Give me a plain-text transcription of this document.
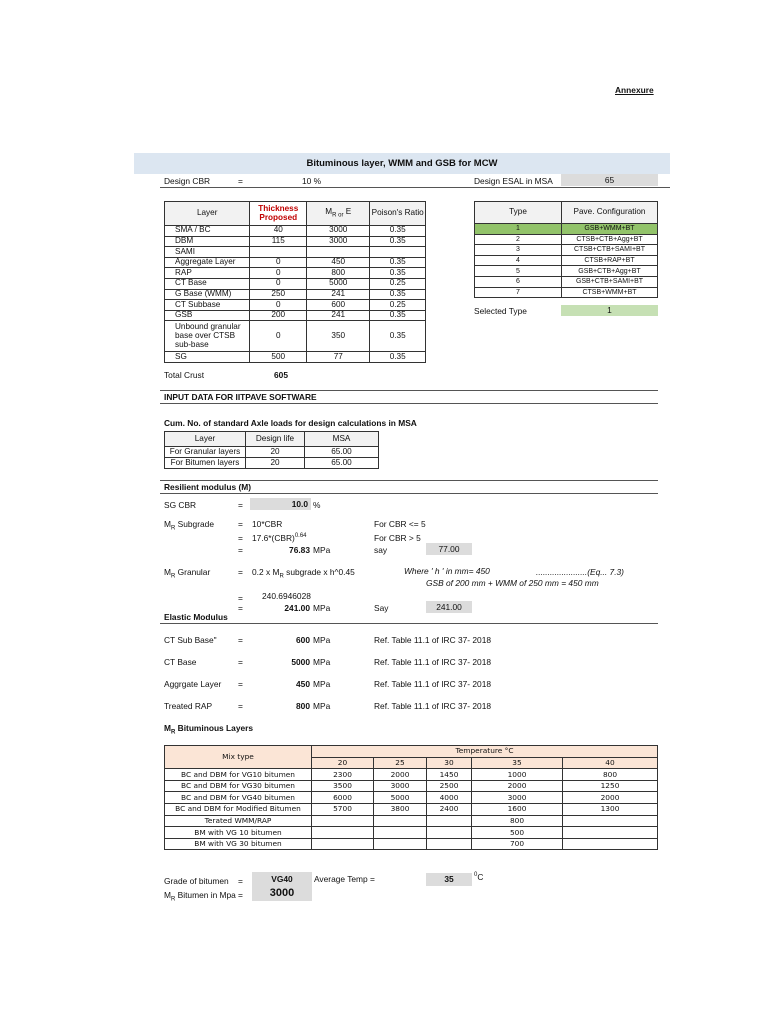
Annexure
Bituminous layer, WMM and GSB for MCW
Design CBR	=	10 %	Design ESAL in MSA	65
Layer	Thickness Proposed	$M_{R or}$ E	Poison's Ratio
SMA / BC	40	3000	0.35
DBM	115	3000	0.35
SAMI			
Aggregate Layer	0	450	0.35
RAP	0	800	0.35
CT Base	0	5000	0.25
G Base (WMM)	250	241	0.35
CT Subbase	0	600	0.25
GSB	200	241	0.35
Unbound granular base over CTSB sub-base	0	350	0.35
SG	500	77	0.35
Total Crust	605
Type	Pave. Configuration
1	GSB+WMM+BT
2	CTSB+CTB+Agg+BT
3	CTSB+CTB+SAMI+BT
4	CTSB+RAP+BT
5	GSB+CTB+Agg+BT
6	GSB+CTB+SAMI+BT
7	CTSB+WMM+BT
Selected Type	1
INPUT DATA FOR IITPAVE SOFTWARE
Cum. No. of standard Axle loads for design calculations in MSA
Layer	Design life	MSA
For Granular layers	20	65.00
For Bitumen layers	20	65.00
Resilient modulus (M)
SG CBR	=	10.0 %
$M_R$ Subgrade	= 10*CBR	For CBR <= 5
= 17.6*(CBR)$^{0.64}$	For CBR > 5
=	76.83 MPa	say	77.00
$M_R$ Granular	= 0.2 x $M_R$ subgrade x h^0.45	Where ' h ' in mm= 450	......................(Eq... 7.3)
GSB of 200 mm + WMM of 250 mm = 450 mm
240.6946028
=
=	241.00 MPa	Say	241.00
Elastic Modulus
CT Sub Base"	=	600 MPa	Ref. Table 11.1 of IRC 37- 2018
CT Base	=	5000 MPa	Ref. Table 11.1 of IRC 37- 2018
Aggrgate Layer =	450 MPa	Ref. Table 11.1 of IRC 37- 2018
Treated RAP	=	800 MPa	Ref. Table 11.1 of IRC 37- 2018
$M_R$ Bituminous Layers
Mix type	Temperature °C				
	20	25	30	35	40
BC and DBM for VG10 bitumen	2300	2000	1450	1000	800
BC and DBM for VG30 bitumen	3500	3000	2500	2000	1250
BC and DBM for VG40 bitumen	6000	5000	4000	3000	2000
BC and DBM for Modified Bitumen	5700	3800	2400	1600	1300
Terated WMM/RAP				800	
BM with VG 10 bitumen				500	
BM with VG 30 bitumen				700	
Grade of bitumen =	VG40	Average Temp =	35	$^0$C
$M_R$ Bitumen in Mpa =	3000
